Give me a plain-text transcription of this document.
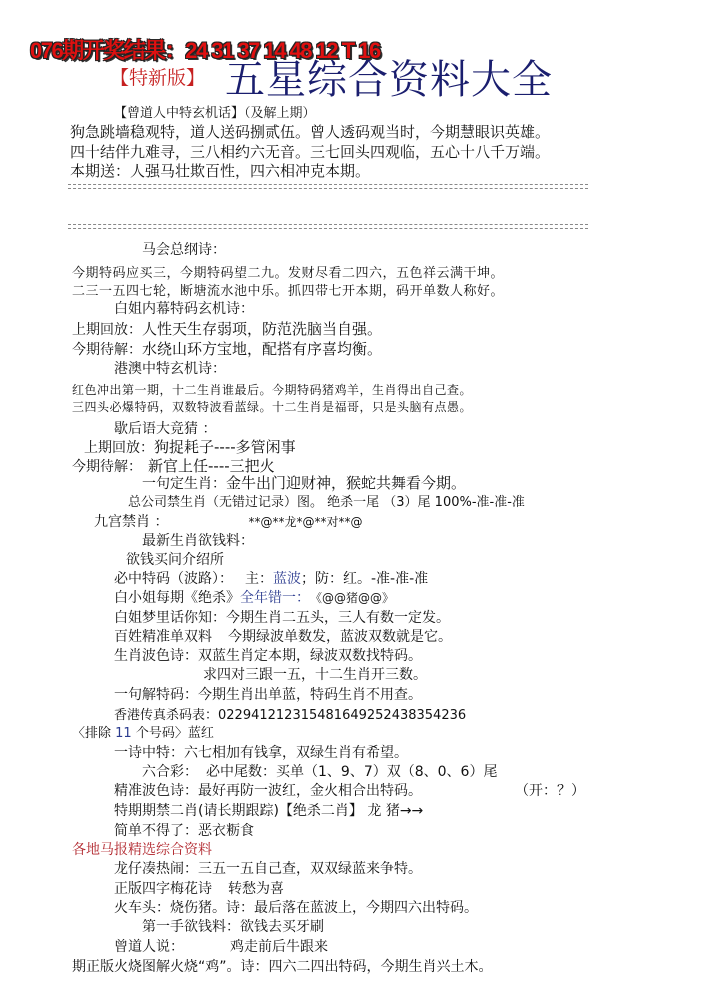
076期开奖结果：24 31 37 14 48 12 T 16
【特新版】 五星综合资料大全
【曾道人中特玄机话】（及解上期）
狗急跳墙稳观特，道人送码捌贰伍。曾人透码观当时，今期慧眼识英雄。
四十结伴九难寻，三八相约六无音。三七回头四观临，五心十八千万端。
本期送：人强马壮欺百性，四六相冲克本期。
马会总纲诗：
今期特码应买三，今期特码望二九。发财尽看二四六，五色祥云满干坤。
二三一五四七轮，断塘流水池中乐。抓四带七开本期，码开单数人称好。
白姐内幕特码玄机诗：
上期回放：人性天生存弱项，防范洗脑当自强。
今期待解：水绕山环方宝地，配搭有序喜均衡。
港澳中特玄机诗：
红色冲出第一期，十二生肖谁最后。今期特码猪鸡羊，生肖得出自己查。
三四头必爆特码，双数特波看蓝绿。十二生肖是福哥，只是头脑有点愚。
歇后语大竞猜 ：
上期回放：狗捉耗子----多管闲事
今期待解： 新官上任----三把火
一句定生肖：金牛出门迎财神，猴蛇共舞看今期。
总公司禁生肖（无错过记录）图。 绝杀一尾 （3）尾 100%-准-准-准
九宫禁肖 ：	**@**龙*@**对**@
最新生肖欲钱料：
欲钱买问介绍所
必中特码（波路）： 主：蓝波；防：红。-准-准-准
白小姐每期《绝杀》全年错一： 《@@猪@@》
白姐梦里话你知：今期生肖二五头，三人有数一定发。
百姓精准单双料 今期绿波单数发，蓝波双数就是它。
生肖波色诗：双蓝生肖定本期，绿波双数找特码。
求四对三跟一五，十二生肖开三数。
一句解特码：今期生肖出单蓝，特码生肖不用查。
香港传真杀码表：02294121231548164925243835423​6
〈排除 11 个号码〉蓝红
一诗中特：六七相加有钱拿，双绿生肖有希望。
六合彩： 必中尾数：买单（1、9、7）双（8、0、6）尾
精准波色诗：最好再防一波红，金火相合出特码。	（开：？）
特期期禁二肖(请长期跟踪)【绝杀二肖】 龙 猪→→
简单不得了：恶衣粝食
各地马报精选综合资料
龙仔凑热闹：三五一五自己查，双双绿蓝来争特。
正版四字梅花诗 转愁为喜
火车头：烧伤猪。诗：最后落在蓝波上，今期四六出特码。
第一手欲钱料：欲钱去买牙刷
曾道人说：	鸡走前后牛跟来
期正版火烧图解火烧“鸡”。诗：四六二四出特码，今期生肖兴土木。
